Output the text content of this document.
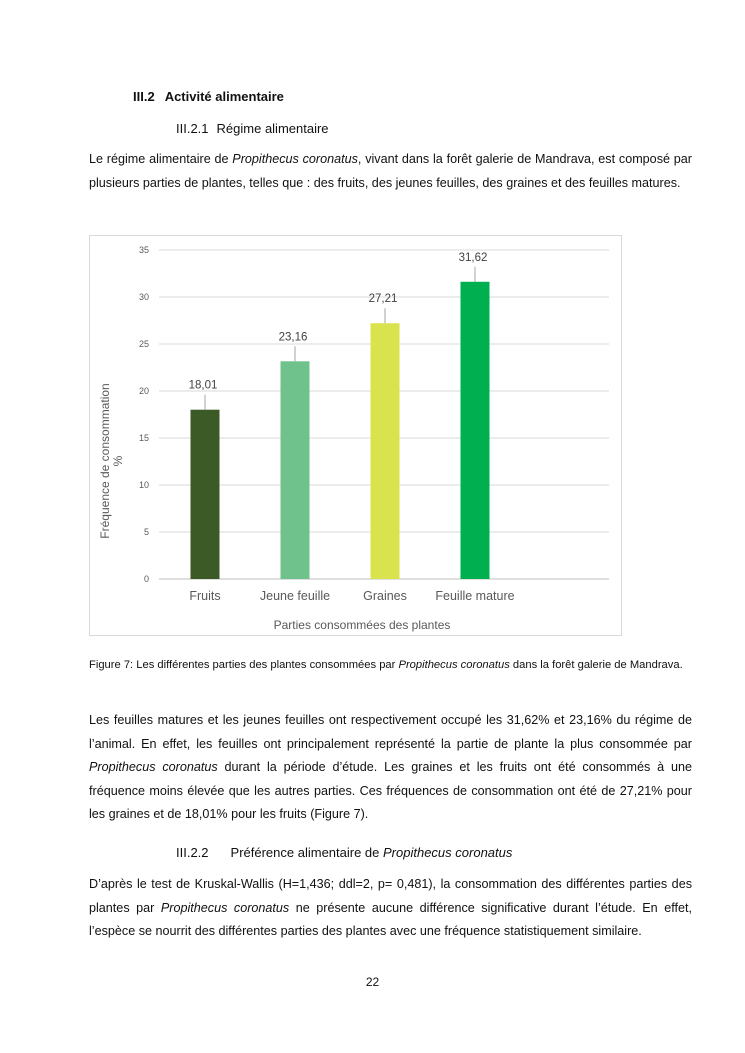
III.2 Activité alimentaire
III.2.1 Régime alimentaire
Le régime alimentaire de Propithecus coronatus, vivant dans la forêt galerie de Mandrava, est composé par plusieurs parties de plantes, telles que : des fruits, des jeunes feuilles, des graines et des feuilles matures.
0
5
10
15
20
25
30
35
18,01
23,16
27,21
31,62
Fruits	Jeune feuille	Graines Feuille mature
Parties consommées des plantes
Fréquence de consommation %
Figure 7: Les différentes parties des plantes consommées par Propithecus coronatus dans la forêt galerie de Mandrava.
Les feuilles matures et les jeunes feuilles ont respectivement occupé les 31,62% et 23,16% du régime de l’animal. En effet, les feuilles ont principalement représenté la partie de plante la plus consommée par Propithecus coronatus durant la période d’étude. Les graines et les fruits ont été consommés à une fréquence moins élevée que les autres parties. Ces fréquences de consommation ont été de 27,21% pour les graines et de 18,01% pour les fruits (Figure 7).
III.2.2 Préférence alimentaire de Propithecus coronatus
D’après le test de Kruskal-Wallis (H=1,436; ddl=2, p= 0,481), la consommation des différentes parties des plantes par Propithecus coronatus ne présente aucune différence significative durant l’étude. En effet, l’espèce se nourrit des différentes parties des plantes avec une fréquence statistiquement similaire.
22
